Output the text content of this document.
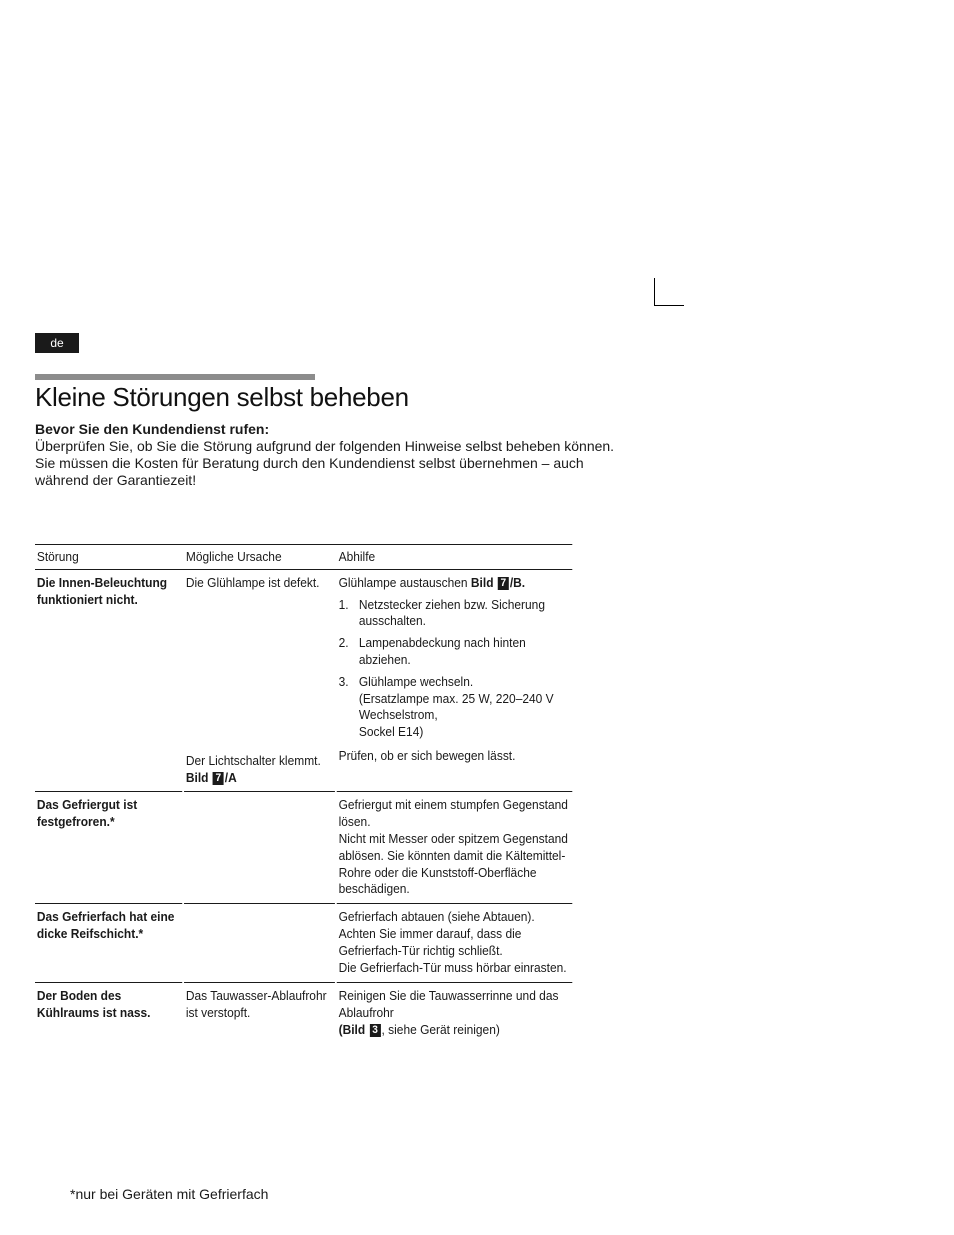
de
Kleine Störungen selbst beheben

Bevor Sie den Kundendienst rufen:

Überprüfen Sie, ob Sie die Störung aufgrund der folgenden Hinweise selbst beheben können.

Sie müssen die Kosten für Beratung durch den Kundendienst selbst übernehmen – auch während der Garantiezeit!

Störung	Mögliche Ursache	Abhilfe
Die Innen-Beleuchtung funktioniert nicht.
Die Glühlampe ist defekt.
Der Lichtschalter klemmt.
Bild 7 /A
Glühlampe austauschen Bild 7 /B.
1. Netzstecker ziehen bzw. Sicherung ausschalten.
2. Lampenabdeckung nach hinten abziehen.
3. Glühlampe wechseln.
(Ersatzlampe max. 25 W, 220–240 V
Wechselstrom,
Sockel E14)
Prüfen, ob er sich bewegen lässt.
Das Gefriergut ist festgefroren.*
Gefriergut mit einem stumpfen Gegenstand lösen.
Nicht mit Messer oder spitzem Gegenstand ablösen. Sie könnten damit die Kältemittel-Rohre oder die Kunststoff-Oberfläche beschädigen.
Das Gefrierfach hat eine dicke Reifschicht.*
Gefrierfach abtauen (siehe Abtauen). Achten Sie immer darauf, dass die Gefrierfach-Tür richtig schließt.
Die Gefrierfach-Tür muss hörbar einrasten.
Der Boden des Kühlraums ist nass.
Das Tauwasser-Ablaufrohr ist verstopft.
Reinigen Sie die Tauwasserrinne und das Ablaufrohr
(Bild 3 , siehe Gerät reinigen)
*nur bei Geräten mit Gefrierfach
